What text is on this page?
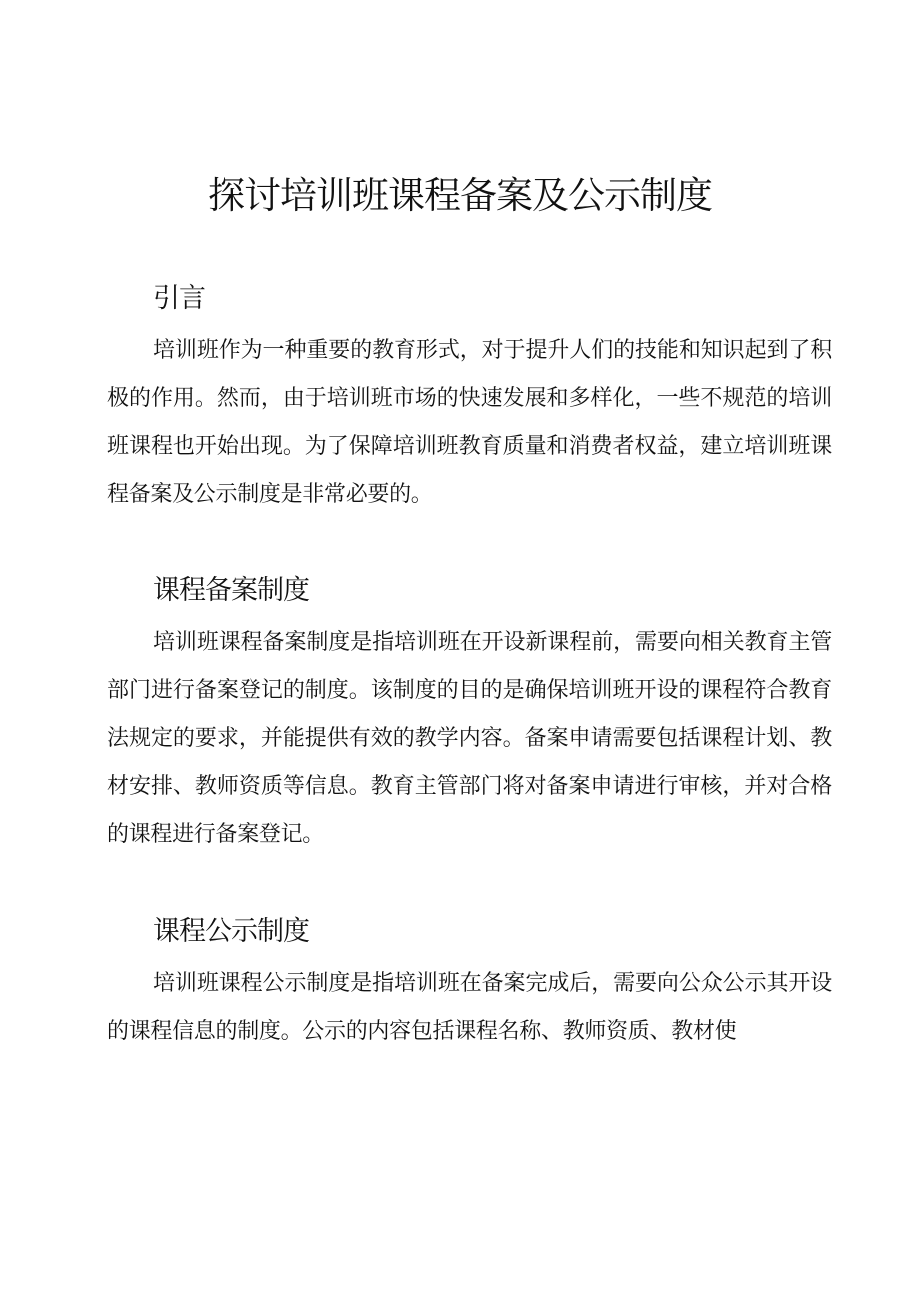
探讨培训班课程备案及公示制度
引言

培训班作为一种重要的教育形式，对于提升人们的技能和知识起到了积极的作用。然而，由于培训班市场的快速发展和多样化，一些不规范的培训班课程也开始出现。为了保障培训班教育质量和消费者权益，建立培训班课程备案及公示制度是非常必要的。

课程备案制度

培训班课程备案制度是指培训班在开设新课程前，需要向相关教育主管部门进行备案登记的制度。该制度的目的是确保培训班开设的课程符合教育法规定的要求，并能提供有效的教学内容。备案申请需要包括课程计划、教材安排、教师资质等信息。教育主管部门将对备案申请进行审核，并对合格的课程进行备案登记。

课程公示制度

培训班课程公示制度是指培训班在备案完成后，需要向公众公示其开设的课程信息的制度。公示的内容包括课程名称、教师资质、教材使
